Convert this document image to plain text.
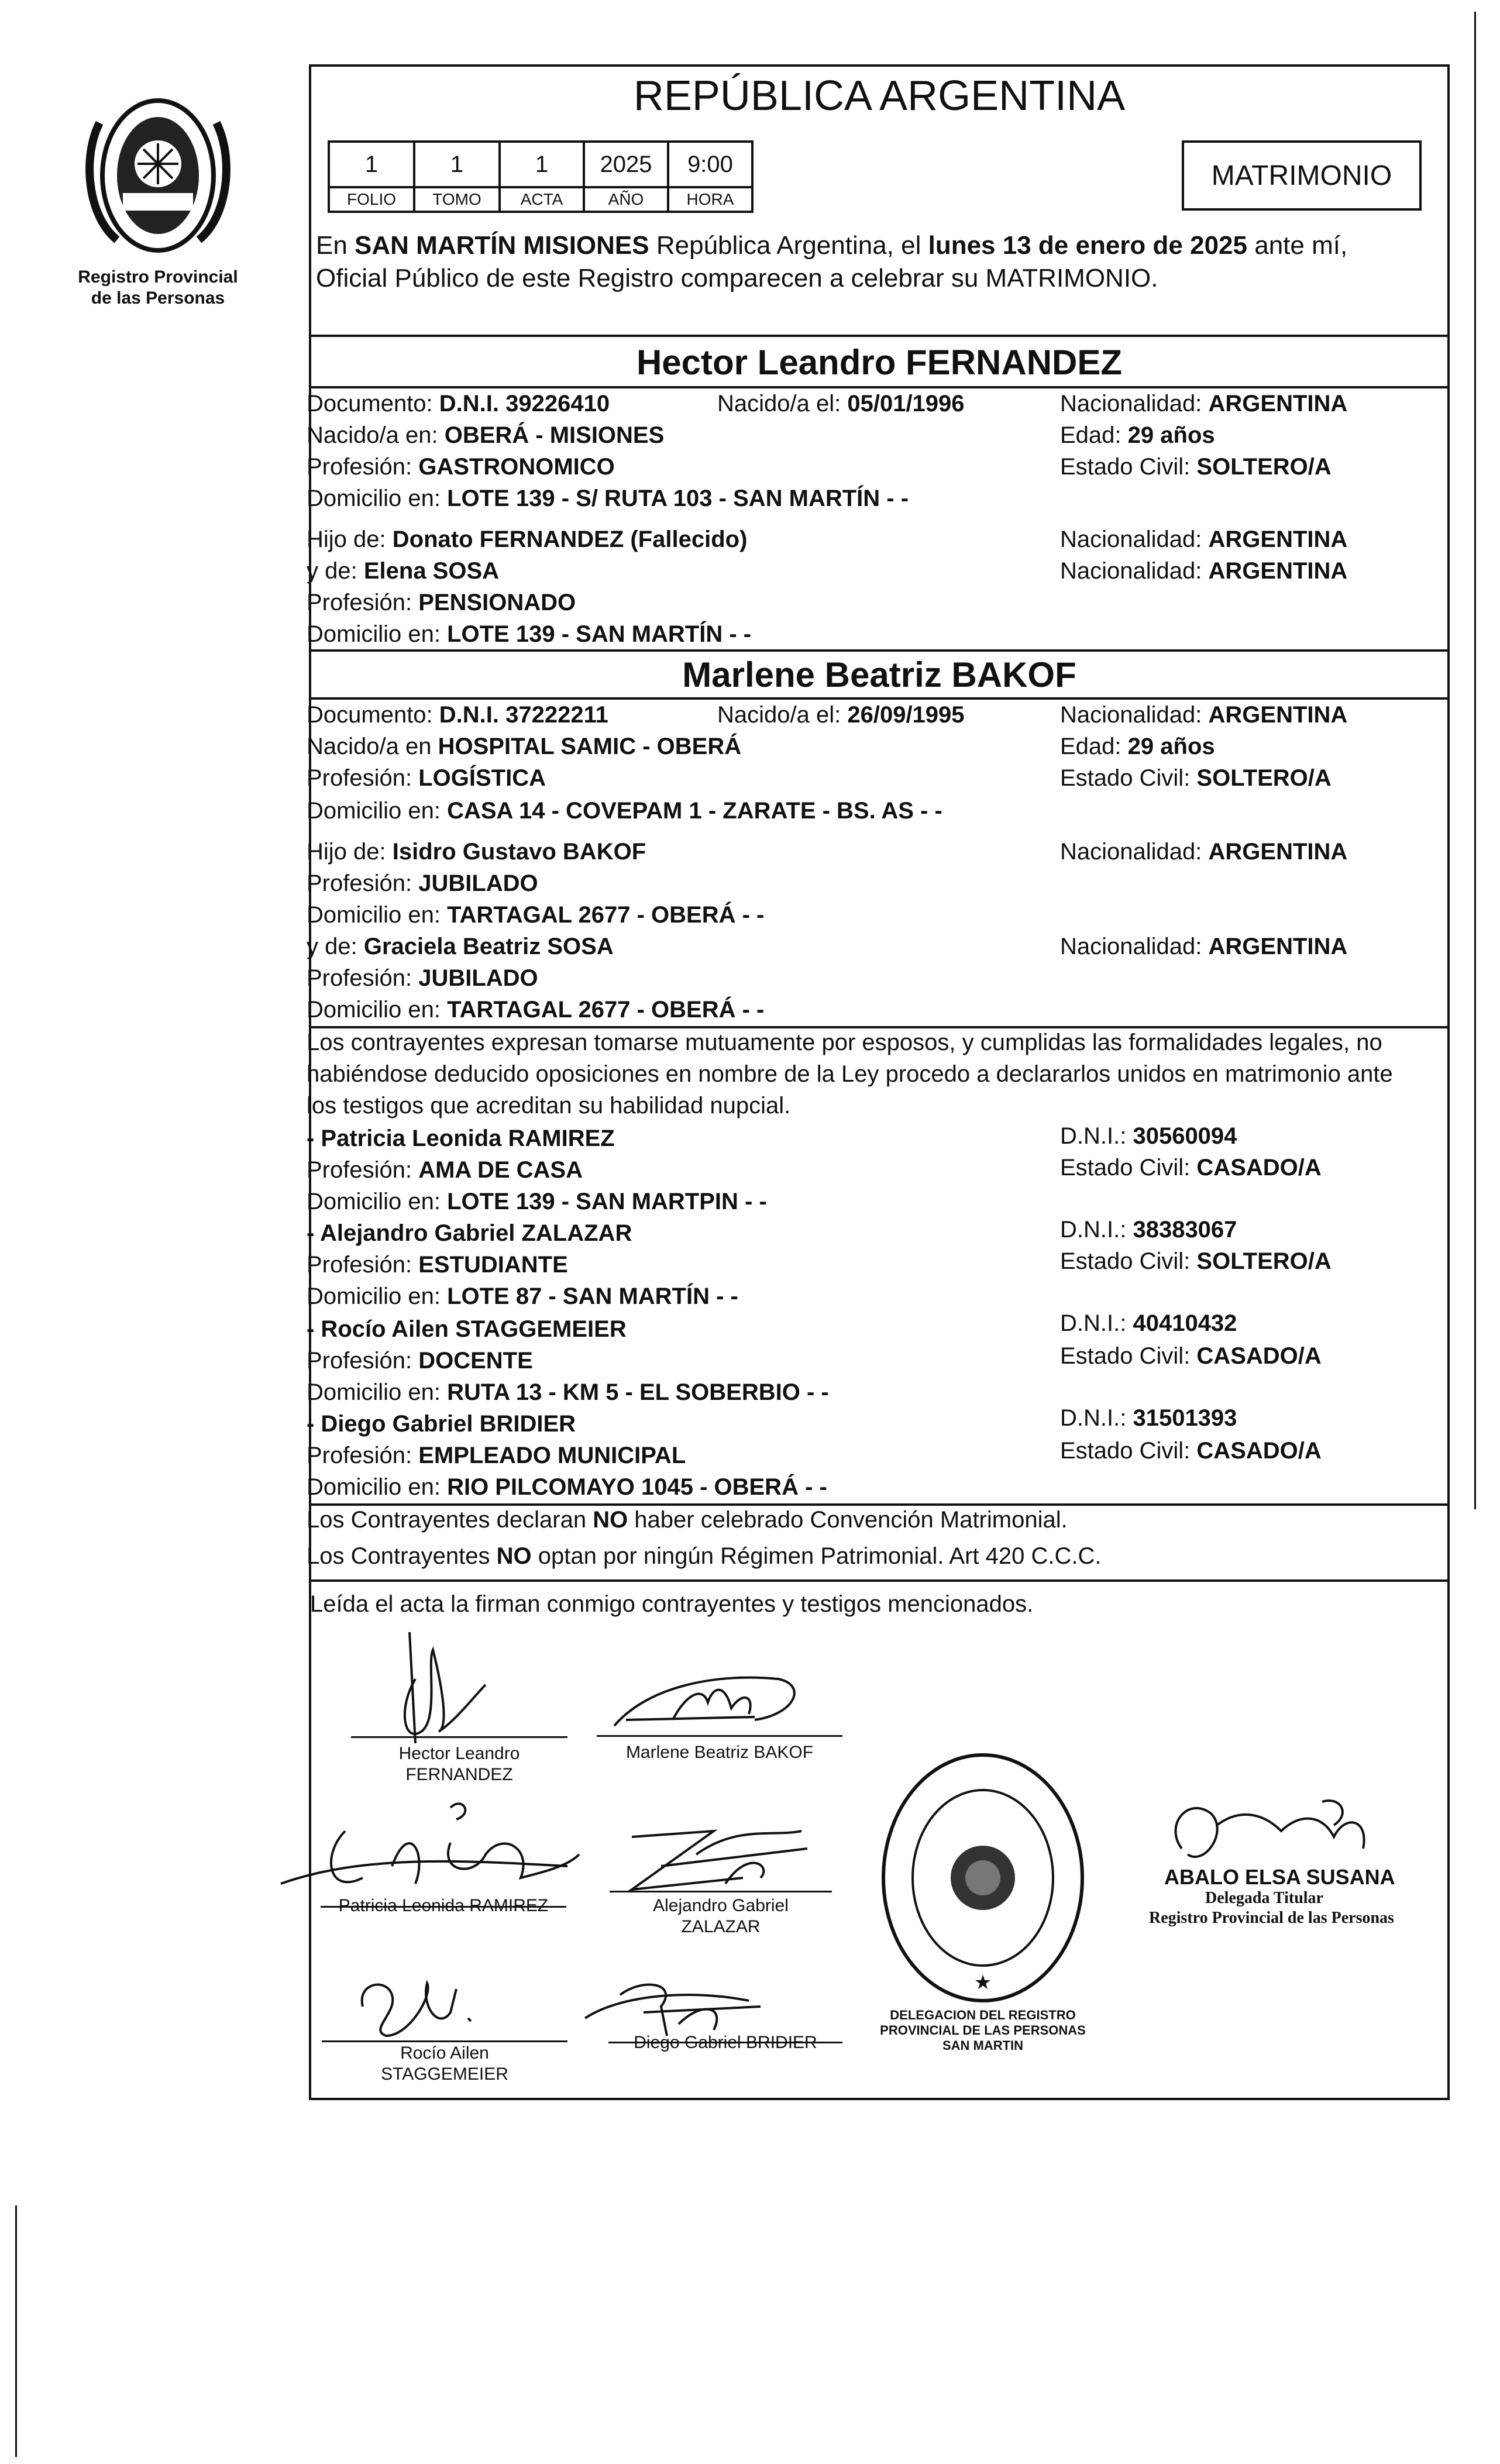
Registro Provincial
de las Personas
REPÚBLICA ARGENTINA
1	1	1	2025	9:00
FOLIO	TOMO	ACTA	AÑO	HORA
MATRIMONIO
En SAN MARTÍN MISIONES República Argentina, el lunes 13 de enero de 2025 ante mí,
Oficial Público de este Registro comparecen a celebrar su MATRIMONIO.
Hector Leandro FERNANDEZ
Documento: D.N.I. 39226410	Nacido/a el: 05/01/1996	Nacionalidad: ARGENTINA
Nacido/a en: OBERÁ - MISIONES	Edad: 29 años
Profesión: GASTRONOMICO	Estado Civil: SOLTERO/A
Domicilio en: LOTE 139 - S/ RUTA 103 - SAN MARTÍN - -
Hijo de: Donato FERNANDEZ (Fallecido)	Nacionalidad: ARGENTINA
y de: Elena SOSA	Nacionalidad: ARGENTINA
Profesión: PENSIONADO
Domicilio en: LOTE 139 - SAN MARTÍN - -
Marlene Beatriz BAKOF
Documento: D.N.I. 37222211	Nacido/a el: 26/09/1995	Nacionalidad: ARGENTINA
Nacido/a en HOSPITAL SAMIC - OBERÁ	Edad: 29 años
Profesión: LOGÍSTICA	Estado Civil: SOLTERO/A
Domicilio en: CASA 14 - COVEPAM 1 - ZARATE - BS. AS - -
Hijo de: Isidro Gustavo BAKOF	Nacionalidad: ARGENTINA
Profesión: JUBILADO
Domicilio en: TARTAGAL 2677 - OBERÁ - -
y de: Graciela Beatriz SOSA	Nacionalidad: ARGENTINA
Profesión: JUBILADO
Domicilio en: TARTAGAL 2677 - OBERÁ - -
Los contrayentes expresan tomarse mutuamente por esposos, y cumplidas las formalidades legales, no
habiéndose deducido oposiciones en nombre de la Ley procedo a declararlos unidos en matrimonio ante
los testigos que acreditan su habilidad nupcial.
- Patricia Leonida RAMIREZ	D.N.I.: 30560094
Profesión: AMA DE CASA	Estado Civil: CASADO/A
Domicilio en: LOTE 139 - SAN MARTPIN - -
- Alejandro Gabriel ZALAZAR	D.N.I.: 38383067
Profesión: ESTUDIANTE	Estado Civil: SOLTERO/A
Domicilio en: LOTE 87 - SAN MARTÍN - -
- Rocío Ailen STAGGEMEIER	D.N.I.: 40410432
Profesión: DOCENTE	Estado Civil: CASADO/A
Domicilio en: RUTA 13 - KM 5 - EL SOBERBIO - -
- Diego Gabriel BRIDIER	D.N.I.: 31501393
Profesión: EMPLEADO MUNICIPAL	Estado Civil: CASADO/A
Domicilio en: RIO PILCOMAYO 1045 - OBERÁ - -
Los Contrayentes declaran NO haber celebrado Convención Matrimonial.
Los Contrayentes NO optan por ningún Régimen Patrimonial. Art 420 C.C.C.
Leída el acta la firman conmigo contrayentes y testigos mencionados.
Hector Leandro
FERNANDEZ
Marlene Beatriz BAKOF
Patricia Leonida RAMIREZ	Alejandro Gabriel
ZALAZAR
Rocío Ailen
STAGGEMEIER
Diego Gabriel BRIDIER
★
DELEGACION DEL REGISTRO PROVINCIAL DE LAS PERSONAS SAN MARTIN
ABALO ELSA SUSANA
Delegada Titular
Registro Provincial de las Personas
